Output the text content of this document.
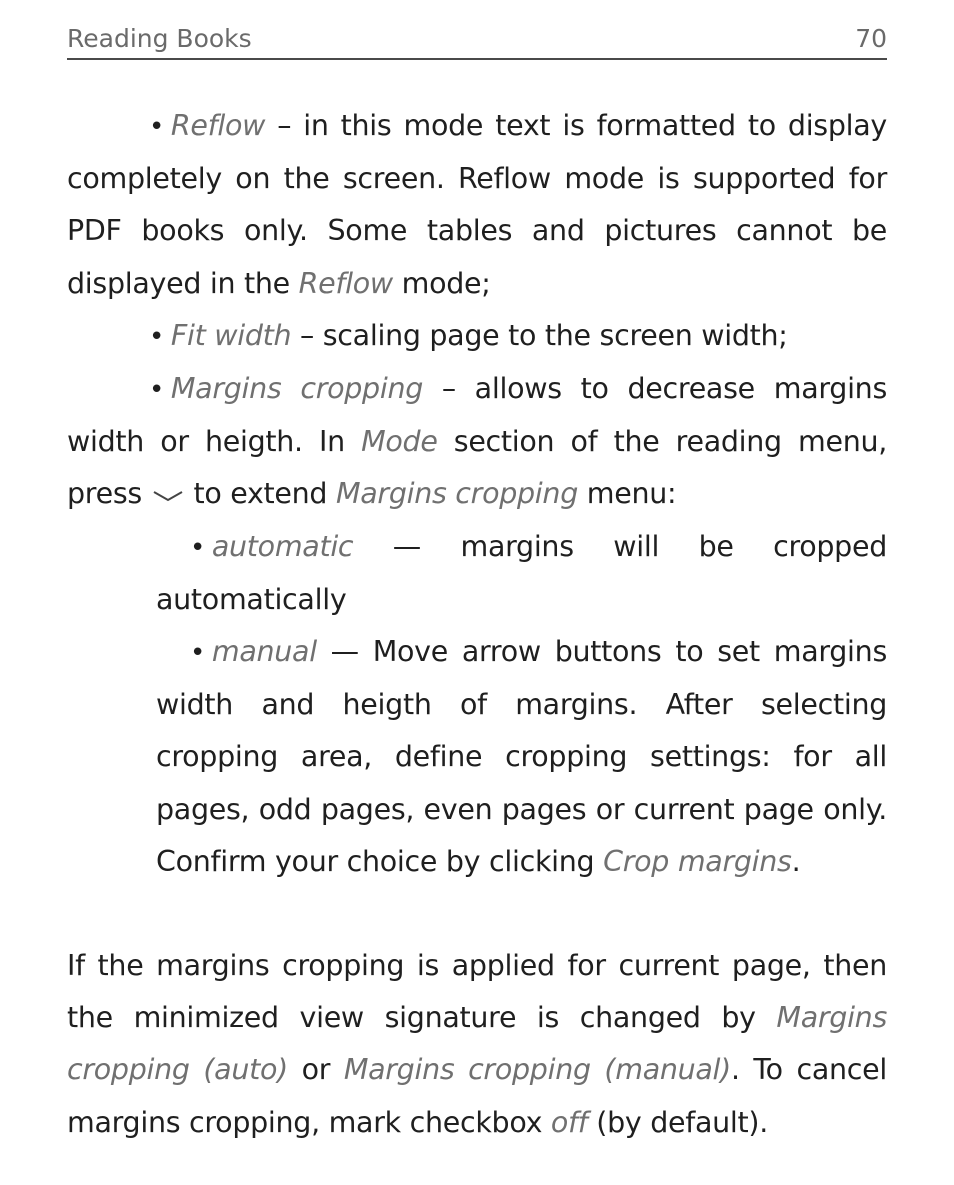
Reading Books	70

•  Reflow – in this mode text is formatted to display completely on the screen. Reflow mode is supported for PDF books only. Some tables and pictures cannot be displayed in the Reflow mode;

•  Fit width – scaling page to the screen width;

•  Margins cropping – allows to decrease margins width or heigth. In Mode section of the reading menu, press
to extend Margins cropping menu:

•  automatic — margins will be cropped automatically

•  manual — Move arrow buttons to set margins width and heigth of margins. After selecting cropping area, define cropping settings: for all pages, odd pages, even pages or current page only. Confirm your choice by clicking Crop margins.

If the margins cropping is applied for current page, then the minimized view signature is changed by Margins cropping (auto) or Margins cropping (manual). To cancel margins cropping, mark checkbox off (by default).
